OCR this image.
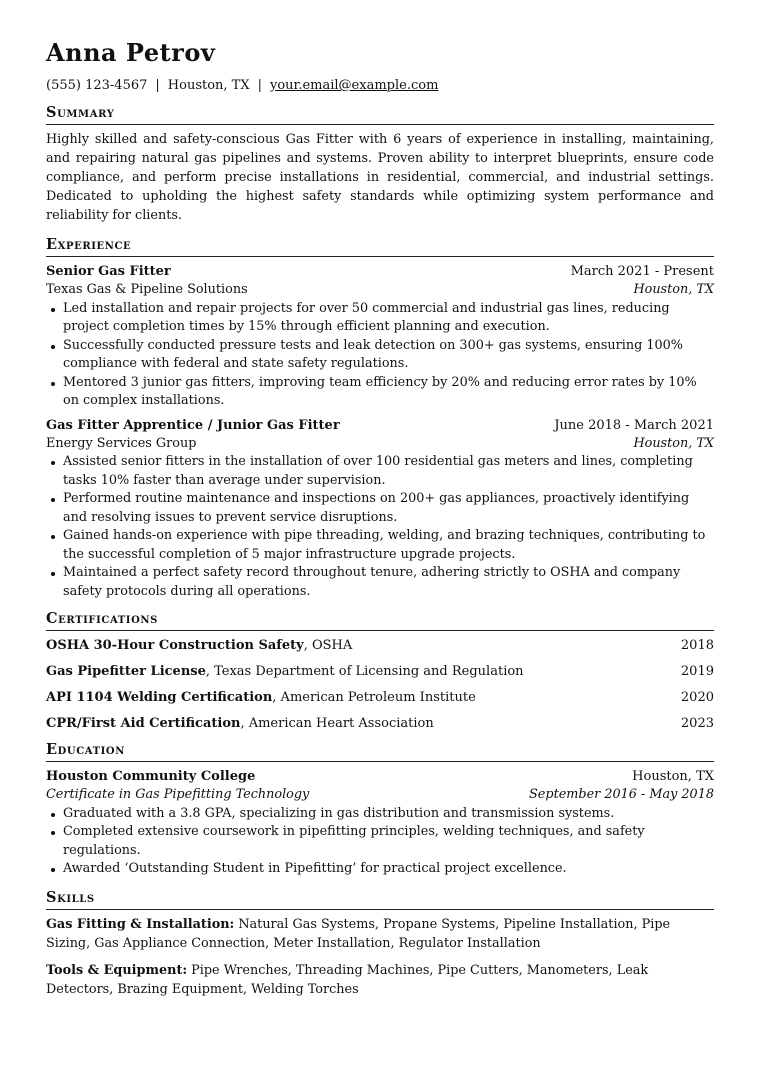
Anna Petrov
(555) 123-4567 | Houston, TX | your.email@example.com
Summary
Highly skilled and safety-conscious Gas Fitter with 6 years of experience in installing, maintaining, and repairing natural gas pipelines and systems. Proven ability to interpret blueprints, ensure code compliance, and perform precise installations in residential, commercial, and industrial settings. Dedicated to upholding the highest safety standards while optimizing system performance and reliability for clients.
Experience
Senior Gas Fitter	March 2021 - Present
Texas Gas & Pipeline Solutions	Houston, TX
Led installation and repair projects for over 50 commercial and industrial gas lines, reducing project completion times by 15% through efficient planning and execution.
Successfully conducted pressure tests and leak detection on 300+ gas systems, ensuring 100% compliance with federal and state safety regulations.
Mentored 3 junior gas fitters, improving team efficiency by 20% and reducing error rates by 10% on complex installations.
Gas Fitter Apprentice / Junior Gas Fitter	June 2018 - March 2021
Energy Services Group	Houston, TX
Assisted senior fitters in the installation of over 100 residential gas meters and lines, completing tasks 10% faster than average under supervision.
Performed routine maintenance and inspections on 200+ gas appliances, proactively identifying and resolving issues to prevent service disruptions.
Gained hands-on experience with pipe threading, welding, and brazing techniques, contributing to the successful completion of 5 major infrastructure upgrade projects.
Maintained a perfect safety record throughout tenure, adhering strictly to OSHA and company safety protocols during all operations.
Certifications
OSHA 30-Hour Construction Safety, OSHA	2018
Gas Pipefitter License, Texas Department of Licensing and Regulation	2019
API 1104 Welding Certification, American Petroleum Institute	2020
CPR/First Aid Certification, American Heart Association	2023
Education
Houston Community College	Houston, TX
Certificate in Gas Pipefitting Technology	September 2016 - May 2018
Graduated with a 3.8 GPA, specializing in gas distribution and transmission systems.
Completed extensive coursework in pipefitting principles, welding techniques, and safety regulations.
Awarded ‘Outstanding Student in Pipefitting’ for practical project excellence.
Skills
Gas Fitting & Installation: Natural Gas Systems, Propane Systems, Pipeline Installation, Pipe Sizing, Gas Appliance Connection, Meter Installation, Regulator Installation
Tools & Equipment: Pipe Wrenches, Threading Machines, Pipe Cutters, Manometers, Leak Detectors, Brazing Equipment, Welding Torches
